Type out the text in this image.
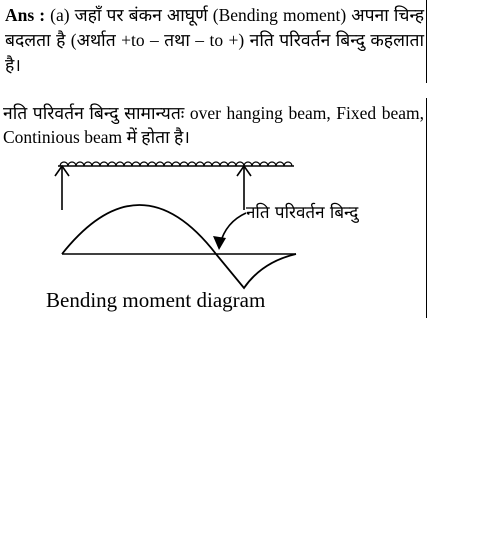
Ans : (a) जहाँ पर बंकन आघूर्ण (Bending moment) अपना चिन्ह बदलता है (अर्थात +to – तथा – to +) नति परिवर्तन बिन्दु कहलाता है।

नति परिवर्तन बिन्दु सामान्यतः over hanging beam, Fixed beam, Continious beam में होता है।

नति परिवर्तन बिन्दु
Bending moment diagram
